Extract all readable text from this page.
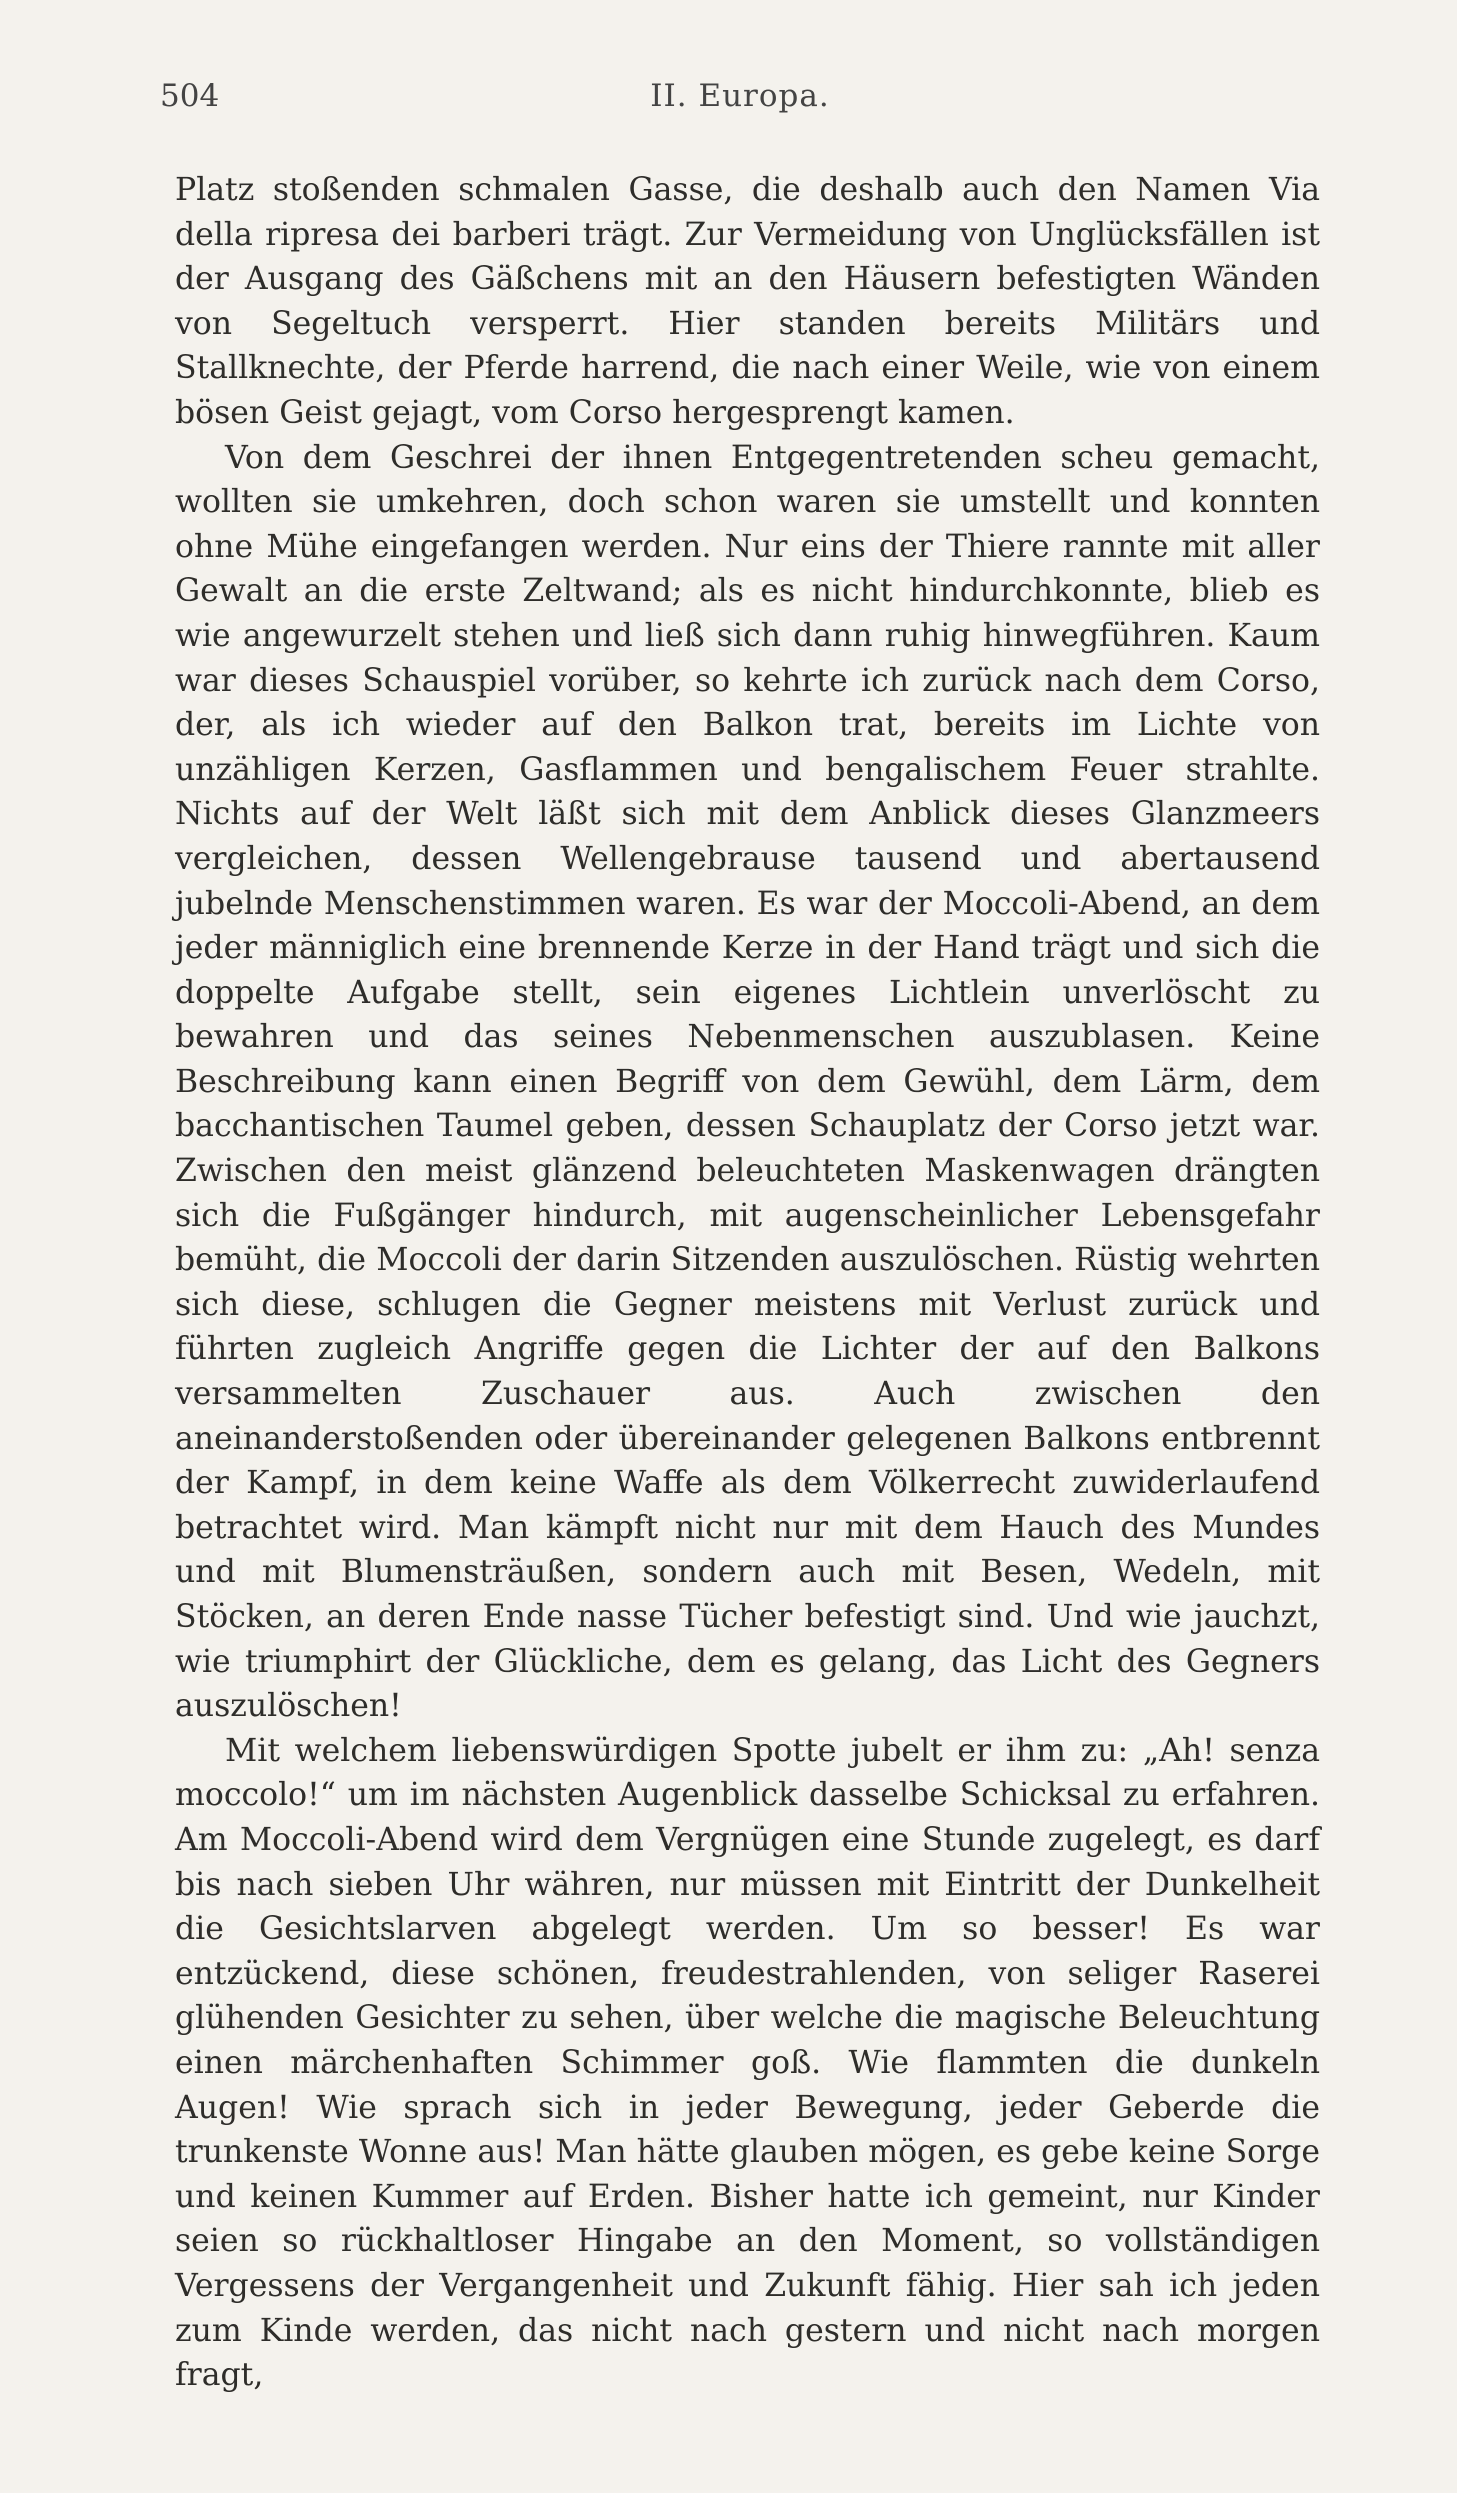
504	II. Europa.

Platz stoßenden schmalen Gasse, die deshalb auch den Namen Via della ripresa dei barberi trägt. Zur Vermeidung von Unglücksfällen ist der Ausgang des Gäßchens mit an den Häusern befestigten Wänden von Segeltuch versperrt. Hier standen bereits Militärs und Stallknechte, der Pferde harrend, die nach einer Weile, wie von einem bösen Geist gejagt, vom Corso hergesprengt kamen.

Von dem Geschrei der ihnen Entgegentretenden scheu gemacht, wollten sie umkehren, doch schon waren sie umstellt und konnten ohne Mühe eingefangen werden. Nur eins der Thiere rannte mit aller Gewalt an die erste Zeltwand; als es nicht hindurchkonnte, blieb es wie angewurzelt stehen und ließ sich dann ruhig hinwegführen. Kaum war dieses Schauspiel vorüber, so kehrte ich zurück nach dem Corso, der, als ich wieder auf den Balkon trat, bereits im Lichte von unzähligen Kerzen, Gasflammen und bengalischem Feuer strahlte. Nichts auf der Welt läßt sich mit dem Anblick dieses Glanzmeers vergleichen, dessen Wellengebrause tausend und abertausend jubelnde Menschenstimmen waren. Es war der Moccoli-Abend, an dem jeder männiglich eine brennende Kerze in der Hand trägt und sich die doppelte Aufgabe stellt, sein eigenes Lichtlein unverlöscht zu bewahren und das seines Nebenmenschen auszublasen. Keine Beschreibung kann einen Begriff von dem Gewühl, dem Lärm, dem bacchantischen Taumel geben, dessen Schauplatz der Corso jetzt war. Zwischen den meist glänzend beleuchteten Maskenwagen drängten sich die Fußgänger hindurch, mit augenscheinlicher Lebensgefahr bemüht, die Moccoli der darin Sitzenden auszulöschen. Rüstig wehrten sich diese, schlugen die Gegner meistens mit Verlust zurück und führten zugleich Angriffe gegen die Lichter der auf den Balkons versammelten Zuschauer aus. Auch zwischen den aneinanderstoßenden oder übereinander gelegenen Balkons entbrennt der Kampf, in dem keine Waffe als dem Völkerrecht zuwiderlaufend betrachtet wird. Man kämpft nicht nur mit dem Hauch des Mundes und mit Blumensträußen, sondern auch mit Besen, Wedeln, mit Stöcken, an deren Ende nasse Tücher befestigt sind. Und wie jauchzt, wie triumphirt der Glückliche, dem es gelang, das Licht des Gegners auszulöschen!

Mit welchem liebenswürdigen Spotte jubelt er ihm zu: „Ah! senza moccolo!“ um im nächsten Augenblick dasselbe Schicksal zu erfahren. Am Moccoli-Abend wird dem Vergnügen eine Stunde zugelegt, es darf bis nach sieben Uhr währen, nur müssen mit Eintritt der Dunkelheit die Gesichtslarven abgelegt werden. Um so besser! Es war entzückend, diese schönen, freudestrahlenden, von seliger Raserei glühenden Gesichter zu sehen, über welche die magische Beleuchtung einen märchenhaften Schimmer goß. Wie flammten die dunkeln Augen! Wie sprach sich in jeder Bewegung, jeder Geberde die trunkenste Wonne aus! Man hätte glauben mögen, es gebe keine Sorge und keinen Kummer auf Erden. Bisher hatte ich gemeint, nur Kinder seien so rückhaltloser Hingabe an den Moment, so vollständigen Vergessens der Vergangenheit und Zukunft fähig. Hier sah ich jeden zum Kinde werden, das nicht nach gestern und nicht nach morgen fragt,
